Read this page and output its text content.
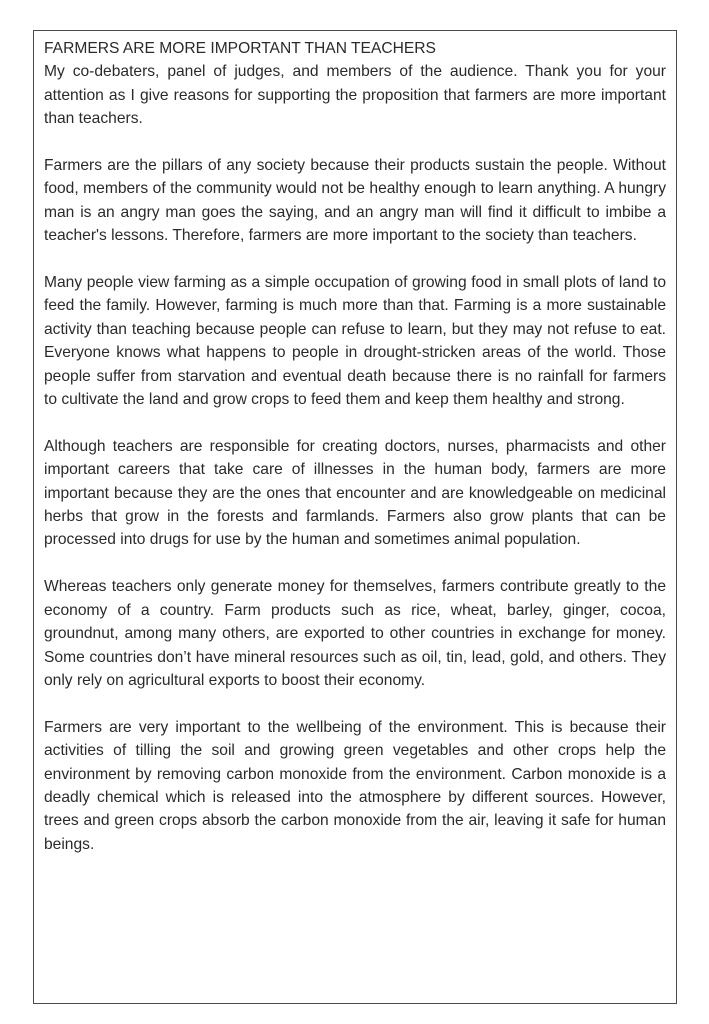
FARMERS ARE MORE IMPORTANT THAN TEACHERS

My co-debaters, panel of judges, and members of the audience. Thank you for your attention as I give reasons for supporting the proposition that farmers are more important than teachers.

Farmers are the pillars of any society because their products sustain the people. Without food, members of the community would not be healthy enough to learn anything. A hungry man is an angry man goes the saying, and an angry man will find it difficult to imbibe a teacher's lessons. Therefore, farmers are more important to the society than teachers.

Many people view farming as a simple occupation of growing food in small plots of land to feed the family. However, farming is much more than that. Farming is a more sustainable activity than teaching because people can refuse to learn, but they may not refuse to eat. Everyone knows what happens to people in drought-stricken areas of the world. Those people suffer from starvation and eventual death because there is no rainfall for farmers to cultivate the land and grow crops to feed them and keep them healthy and strong.

Although teachers are responsible for creating doctors, nurses, pharmacists and other important careers that take care of illnesses in the human body, farmers are more important because they are the ones that encounter and are knowledgeable on medicinal herbs that grow in the forests and farmlands. Farmers also grow plants that can be processed into drugs for use by the human and sometimes animal population.

Whereas teachers only generate money for themselves, farmers contribute greatly to the economy of a country. Farm products such as rice, wheat, barley, ginger, cocoa, groundnut, among many others, are exported to other countries in exchange for money. Some countries don’t have mineral resources such as oil, tin, lead, gold, and others. They only rely on agricultural exports to boost their economy.

Farmers are very important to the wellbeing of the environment. This is because their activities of tilling the soil and growing green vegetables and other crops help the environment by removing carbon monoxide from the environment. Carbon monoxide is a deadly chemical which is released into the atmosphere by different sources. However, trees and green crops absorb the carbon monoxide from the air, leaving it safe for human beings.
